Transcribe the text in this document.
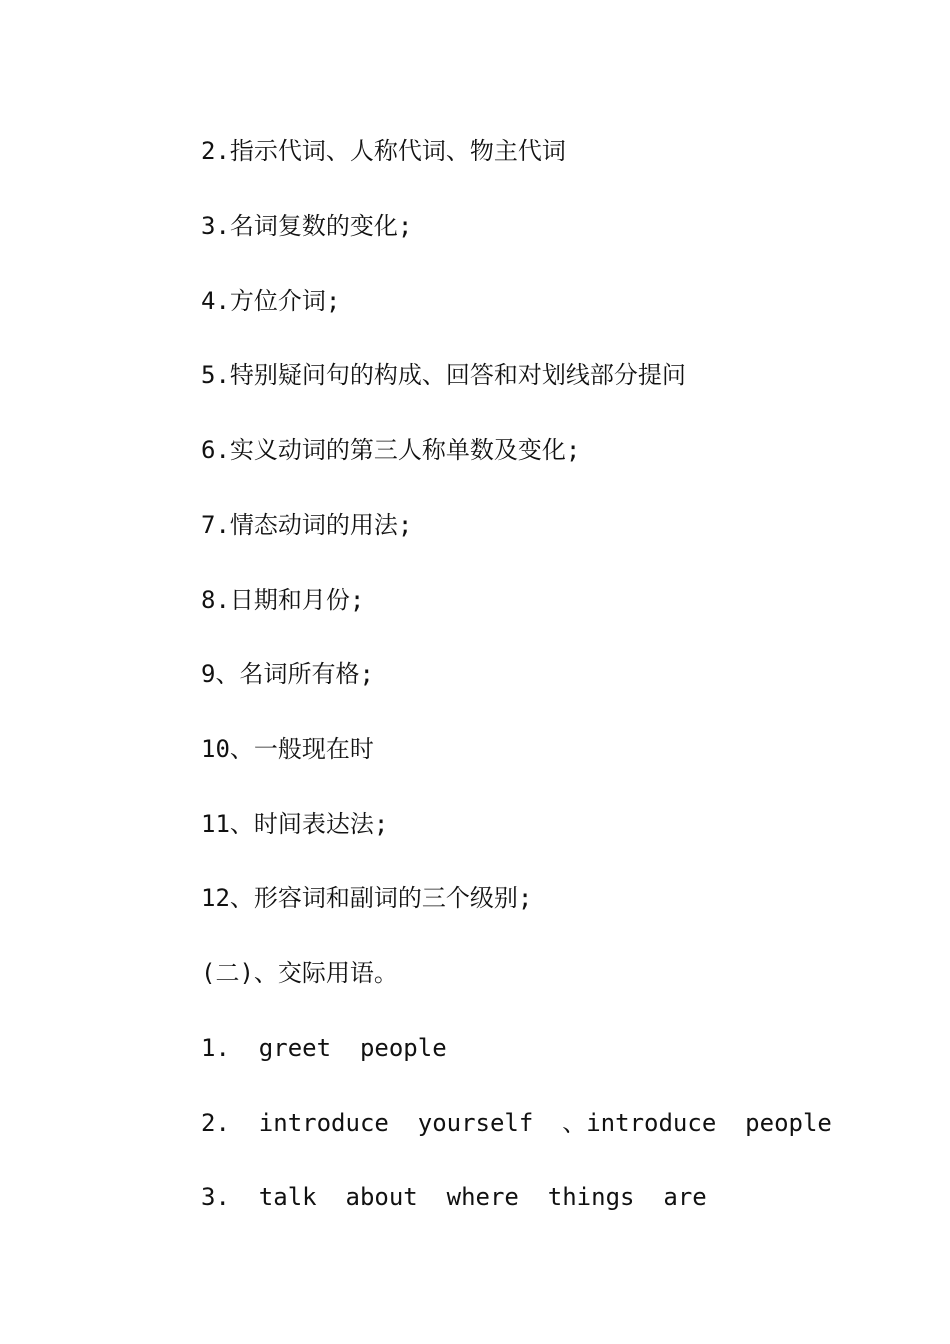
2.指示代词、人称代词、物主代词
3.名词复数的变化;
4.方位介词;
5.特别疑问句的构成、回答和对划线部分提问
6.实义动词的第三人称单数及变化;
7.情态动词的用法;
8.日期和月份;
9、名词所有格;
10、一般现在时
11、时间表达法;
12、形容词和副词的三个级别;
(二)、交际用语。
1.  greet  people
2.  introduce  yourself  、introduce  people
3.  talk  about  where  things  are
